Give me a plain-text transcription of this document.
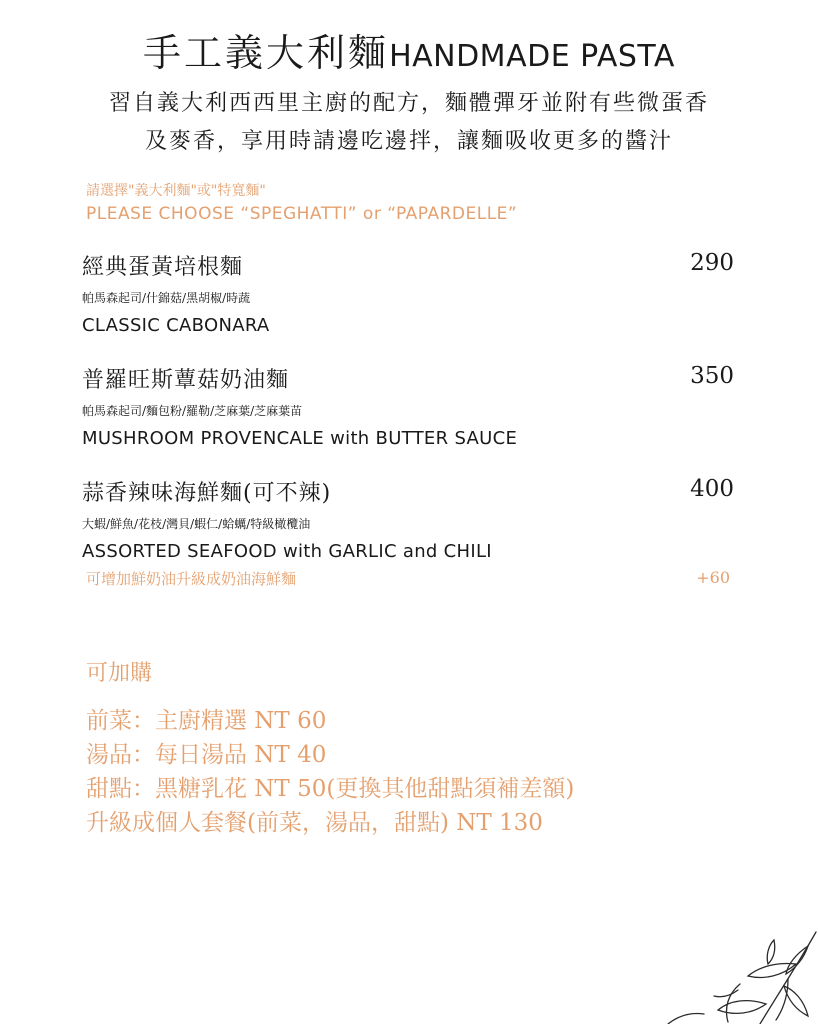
手工義大利麵HANDMADE PASTA
習自義大利西西里主廚的配方，麵體彈牙並附有些微蛋香
及麥香，享用時請邊吃邊拌，讓麵吸收更多的醬汁
請選擇"義大利麵"或"特寬麵"
PLEASE CHOOSE “SPEGHATTI” or “PAPARDELLE”
經典蛋黃培根麵	290
帕馬森起司/什錦菇/黑胡椒/時蔬
CLASSIC CABONARA
普羅旺斯蕈菇奶油麵	350
帕馬森起司/麵包粉/羅勒/芝麻葉/芝麻葉苗
MUSHROOM PROVENCALE with BUTTER SAUCE
蒜香辣味海鮮麵(可不辣)	400
大蝦/鮮魚/花枝/灣貝/蝦仁/蛤蠣/特級橄欖油
ASSORTED SEAFOOD with GARLIC and CHILI
可增加鮮奶油升級成奶油海鮮麵	+60
可加購
前菜：主廚精選 NT 60
湯品：每日湯品 NT 40
甜點：黑糖乳花 NT 50(更換其他甜點須補差額)
升級成個人套餐(前菜，湯品，甜點) NT 130
